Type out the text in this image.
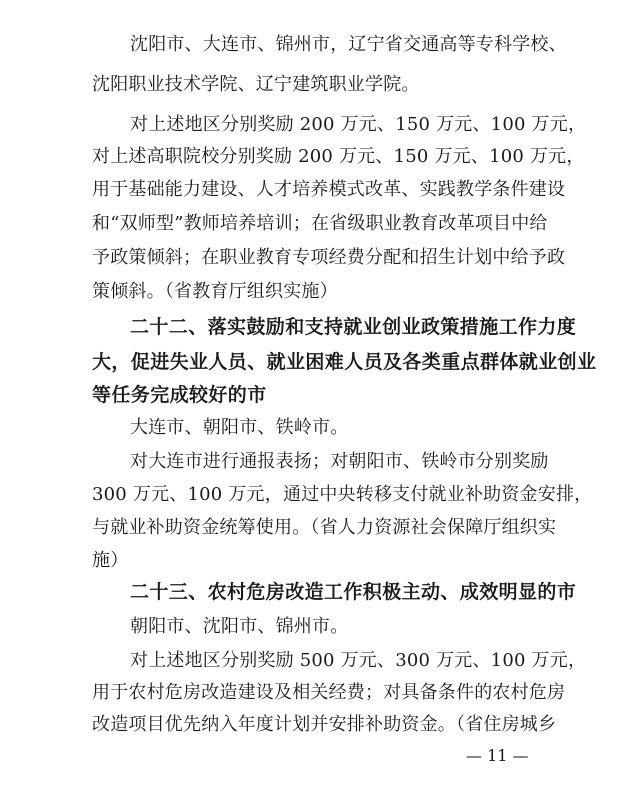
沈阳市、大连市、锦州市，辽宁省交通高等专科学校、
沈阳职业技术学院、辽宁建筑职业学院。
对上述地区分别奖励 200 万元、150 万元、100 万元，
对上述高职院校分别奖励 200 万元、150 万元、100 万元，
用于基础能力建设、人才培养模式改革、实践教学条件建设
和“双师型”教师培养培训；在省级职业教育改革项目中给
予政策倾斜；在职业教育专项经费分配和招生计划中给予政
策倾斜。（省教育厅组织实施）
二十二、落实鼓励和支持就业创业政策措施工作力度
大，促进失业人员、就业困难人员及各类重点群体就业创业
等任务完成较好的市
大连市、朝阳市、铁岭市。
对大连市进行通报表扬；对朝阳市、铁岭市分别奖励
300 万元、100 万元，通过中央转移支付就业补助资金安排，
与就业补助资金统筹使用。（省人力资源社会保障厅组织实
施）
二十三、农村危房改造工作积极主动、成效明显的市
朝阳市、沈阳市、锦州市。
对上述地区分别奖励 500 万元、300 万元、100 万元，
用于农村危房改造建设及相关经费；对具备条件的农村危房
改造项目优先纳入年度计划并安排补助资金。（省住房城乡
— 11 —
